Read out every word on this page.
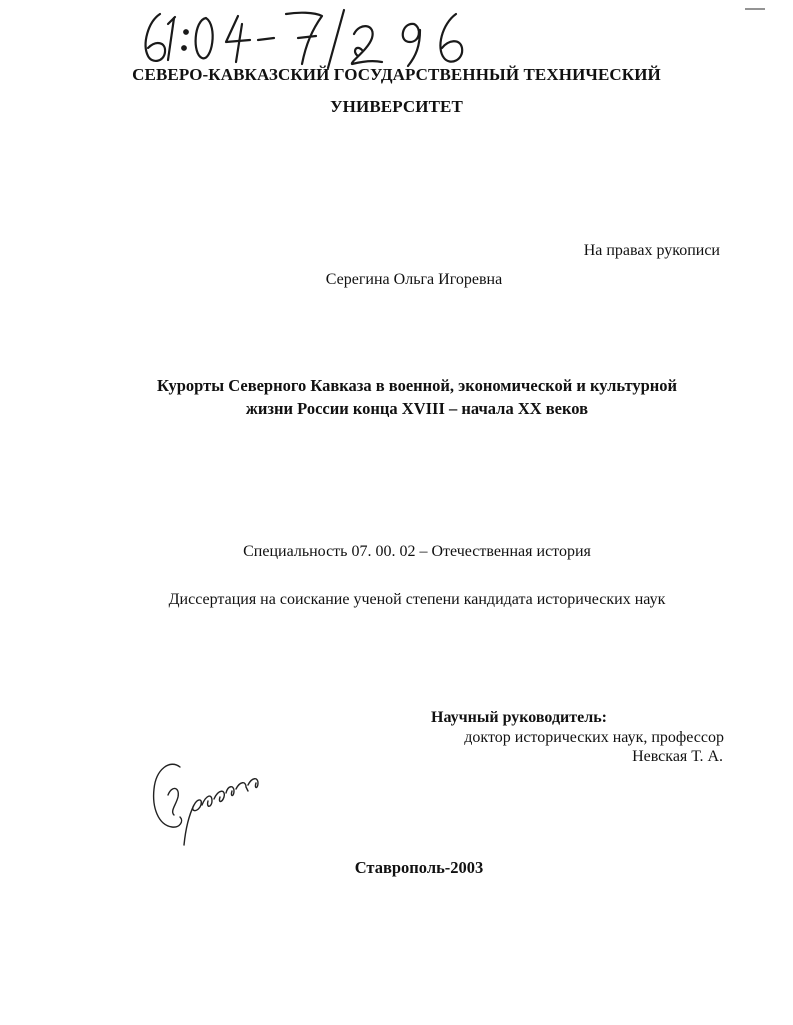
СЕВЕРО-КАВКАЗСКИЙ ГОСУДАРСТВЕННЫЙ ТЕХНИЧЕСКИЙ
УНИВЕРСИТЕТ
На правах рукописи
Серегина Ольга Игоревна
Курорты Северного Кавказа в военной, экономической и культурной
жизни России конца XVIII – начала XX веков
Специальность 07. 00. 02 – Отечественная история
Диссертация на соискание ученой степени кандидата исторических наук
Научный руководитель:
доктор исторических наук, профессор
Невская Т. А.
Ставрополь-2003
